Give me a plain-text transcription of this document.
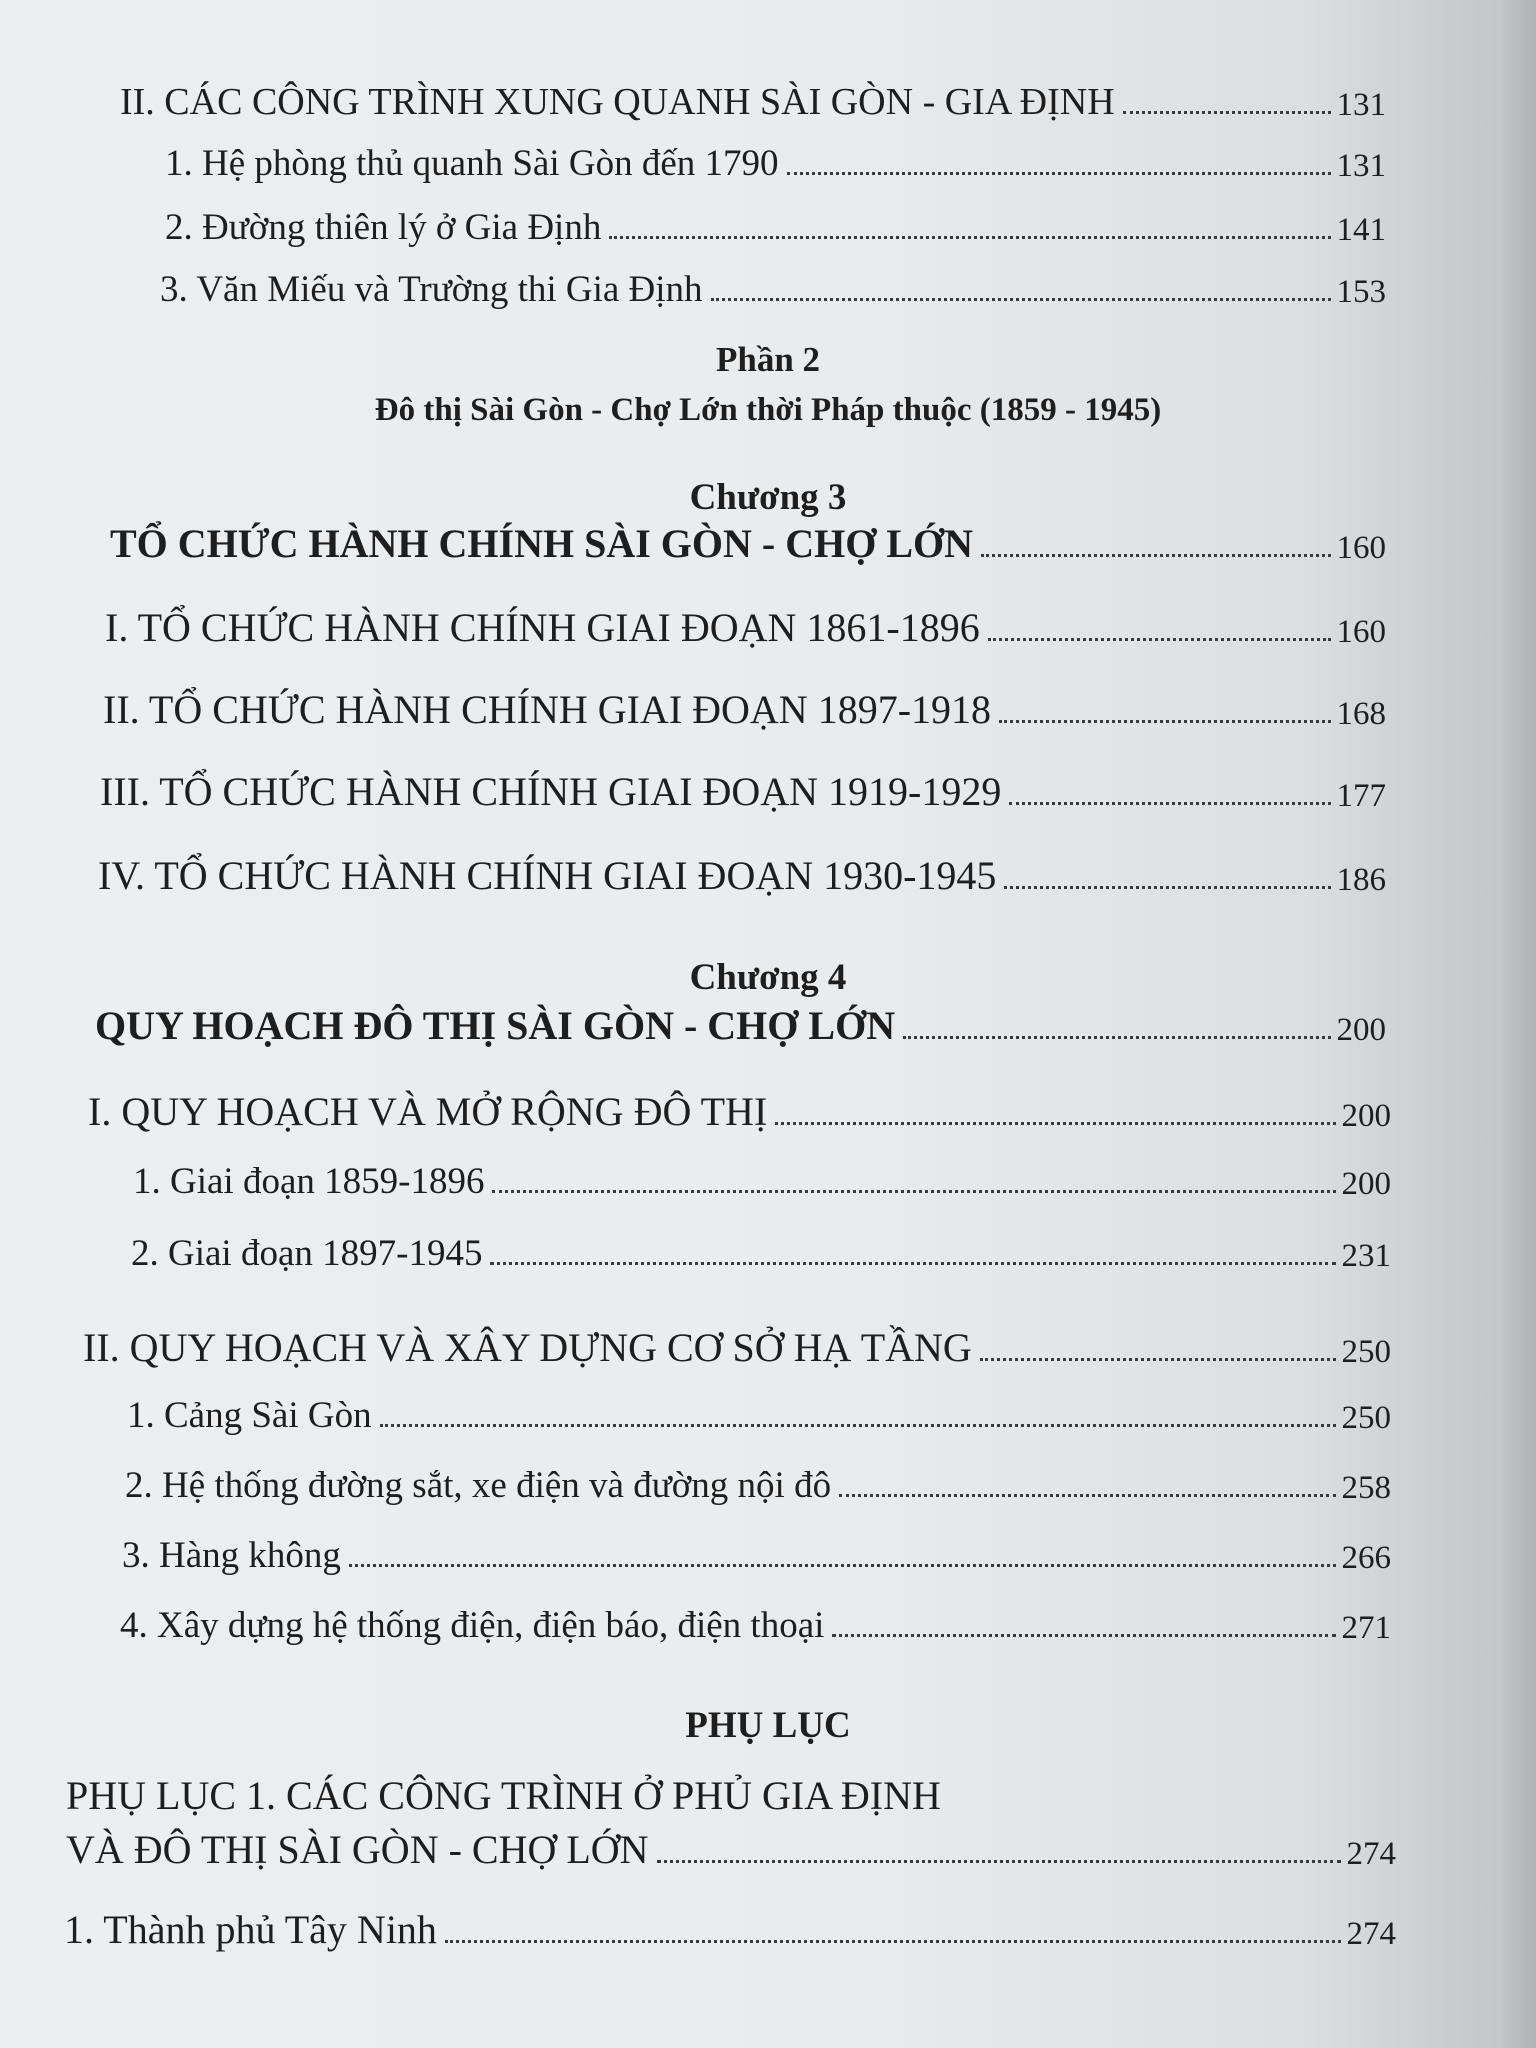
II. CÁC CÔNG TRÌNH XUNG QUANH SÀI GÒN - GIA ĐỊNH	131
1. Hệ phòng thủ quanh Sài Gòn đến 1790	131
2. Đường thiên lý ở Gia Định	141
3. Văn Miếu và Trường thi Gia Định	153
Phần 2
Đô thị Sài Gòn - Chợ Lớn thời Pháp thuộc (1859 - 1945)
Chương 3
TỔ CHỨC HÀNH CHÍNH SÀI GÒN - CHỢ LỚN	160
I. TỔ CHỨC HÀNH CHÍNH GIAI ĐOẠN 1861-1896	160
II. TỔ CHỨC HÀNH CHÍNH GIAI ĐOẠN 1897-1918	168
III. TỔ CHỨC HÀNH CHÍNH GIAI ĐOẠN 1919-1929	177
IV. TỔ CHỨC HÀNH CHÍNH GIAI ĐOẠN 1930-1945	186
Chương 4
QUY HOẠCH ĐÔ THỊ SÀI GÒN - CHỢ LỚN	200
I. QUY HOẠCH VÀ MỞ RỘNG ĐÔ THỊ	200
1. Giai đoạn 1859-1896	200
2. Giai đoạn 1897-1945	231
II. QUY HOẠCH VÀ XÂY DỰNG CƠ SỞ HẠ TẦNG	250
1. Cảng Sài Gòn	250
2. Hệ thống đường sắt, xe điện và đường nội đô	258
3. Hàng không	266
4. Xây dựng hệ thống điện, điện báo, điện thoại	271
PHỤ LỤC
PHỤ LỤC 1. CÁC CÔNG TRÌNH Ở PHỦ GIA ĐỊNH
VÀ ĐÔ THỊ SÀI GÒN - CHỢ LỚN	274
1. Thành phủ Tây Ninh	274
